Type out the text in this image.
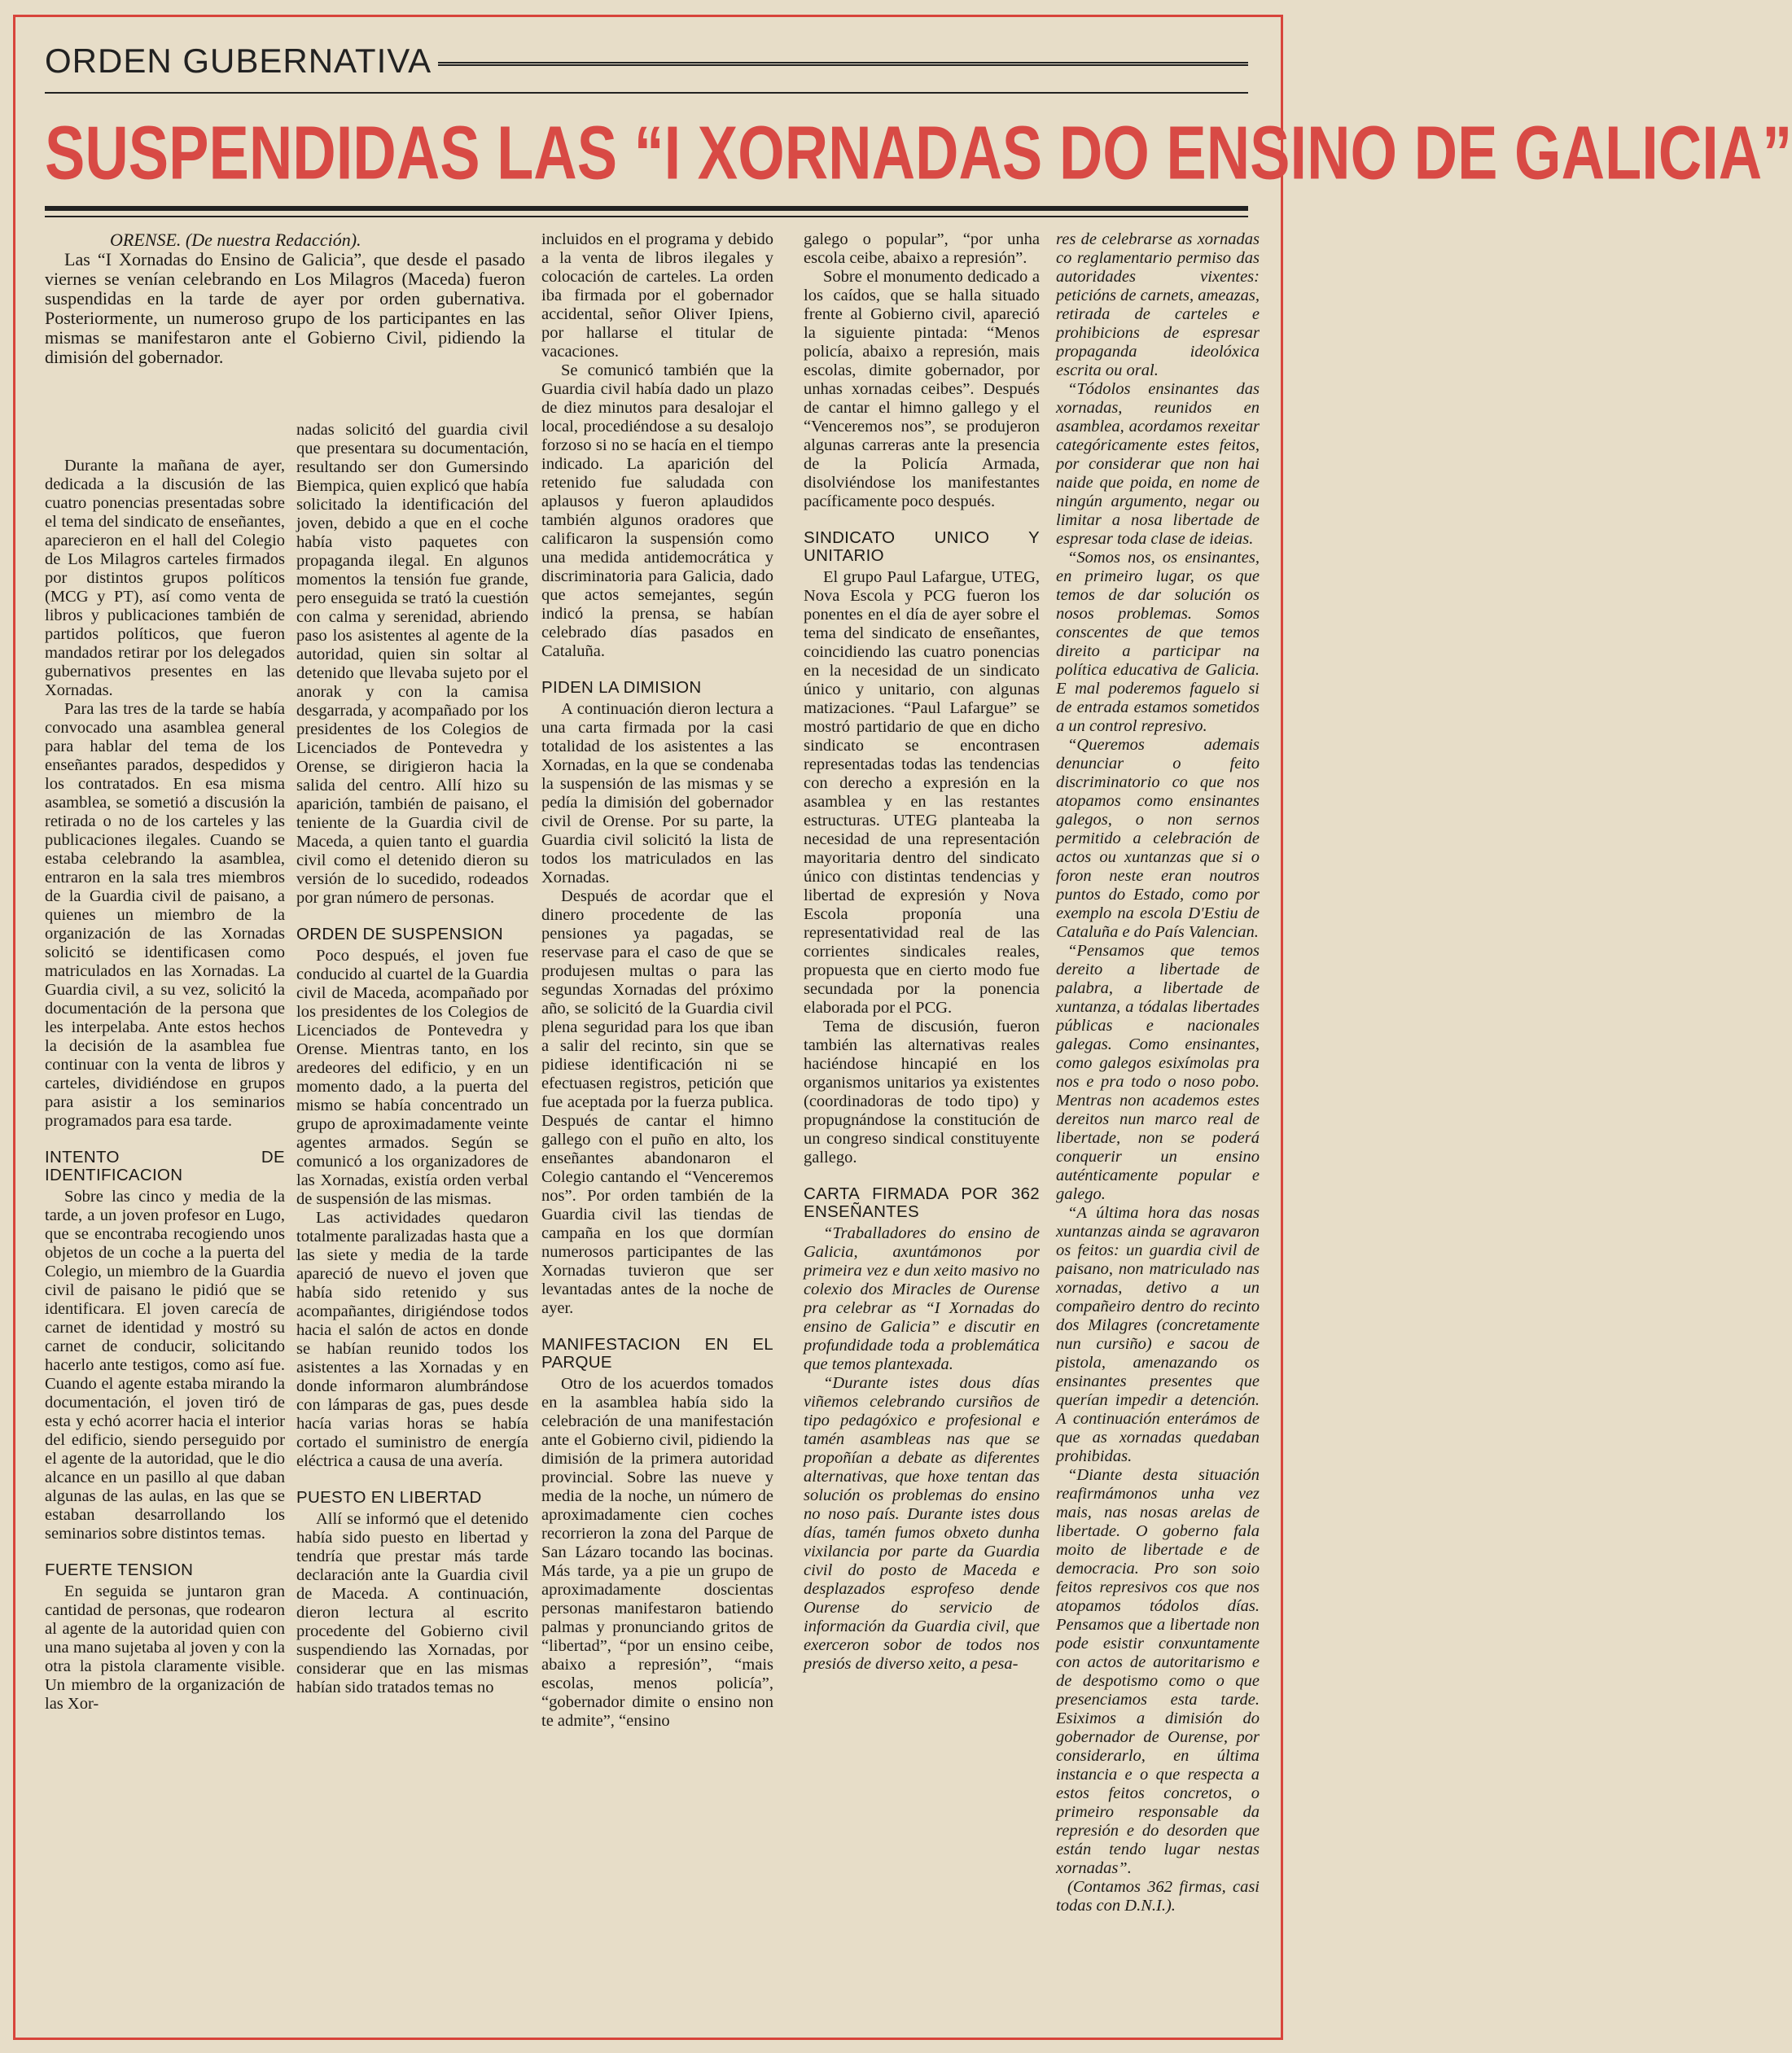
ORDEN GUBERNATIVA
SUSPENDIDAS LAS “I XORNADAS DO ENSINO DE GALICIA”
ORENSE. (De nuestra Redacción).

Las “I Xornadas do Ensino de Galicia”, que desde el pasado viernes se venían celebrando en Los Milagros (Maceda) fueron suspendidas en la tarde de ayer por orden gubernativa. Posteriormente, un numeroso grupo de los participantes en las mismas se manifestaron ante el Gobierno Civil, pidiendo la dimisión del gobernador.

Durante la mañana de ayer, dedicada a la discusión de las cuatro ponencias presentadas sobre el tema del sindicato de enseñantes, aparecieron en el hall del Colegio de Los Milagros carteles firmados por distintos grupos políticos (MCG y PT), así como venta de libros y publicaciones también de partidos políticos, que fueron mandados retirar por los delegados gubernativos presentes en las Xornadas.

Para las tres de la tarde se había convocado una asamblea general para hablar del tema de los enseñantes parados, despedidos y los contratados. En esa misma asamblea, se sometió a discusión la retirada o no de los carteles y las publicaciones ilegales. Cuando se estaba celebrando la asamblea, entraron en la sala tres miembros de la Guardia civil de paisano, a quienes un miembro de la organización de las Xornadas solicitó se identificasen como matriculados en las Xornadas. La Guardia civil, a su vez, solicitó la documentación de la persona que les interpelaba. Ante estos hechos la decisión de la asamblea fue continuar con la venta de libros y carteles, dividiéndose en grupos para asistir a los seminarios programados para esa tarde.

INTENTO DE IDENTIFICACION

Sobre las cinco y media de la tarde, a un joven profesor en Lugo, que se encontraba recogiendo unos objetos de un coche a la puerta del Colegio, un miembro de la Guardia civil de paisano le pidió que se identificara. El joven carecía de carnet de identidad y mostró su carnet de conducir, solicitando hacerlo ante testigos, como así fue. Cuando el agente estaba mirando la documentación, el joven tiró de esta y echó acorrer hacia el interior del edificio, siendo perseguido por el agente de la autoridad, que le dio alcance en un pasillo al que daban algunas de las aulas, en las que se estaban desarrollando los seminarios sobre distintos temas.

FUERTE TENSION

En seguida se juntaron gran cantidad de personas, que rodearon al agente de la autoridad quien con una mano sujetaba al joven y con la otra la pistola claramente visible. Un miembro de la organización de las Xor-

nadas solicitó del guardia civil que presentara su documentación, resultando ser don Gumersindo Biempica, quien explicó que había solicitado la identificación del joven, debido a que en el coche había visto paquetes con propaganda ilegal. En algunos momentos la tensión fue grande, pero enseguida se trató la cuestión con calma y serenidad, abriendo paso los asistentes al agente de la autoridad, quien sin soltar al detenido que llevaba sujeto por el anorak y con la camisa desgarrada, y acompañado por los presidentes de los Colegios de Licenciados de Pontevedra y Orense, se dirigieron hacia la salida del centro. Allí hizo su aparición, también de paisano, el teniente de la Guardia civil de Maceda, a quien tanto el guardia civil como el detenido dieron su versión de lo sucedido, rodeados por gran número de personas.

ORDEN DE SUSPENSION

Poco después, el joven fue conducido al cuartel de la Guardia civil de Maceda, acompañado por los presidentes de los Colegios de Licenciados de Pontevedra y Orense. Mientras tanto, en los aredeores del edificio, y en un momento dado, a la puerta del mismo se había concentrado un grupo de aproximadamente veinte agentes armados. Según se comunicó a los organizadores de las Xornadas, existía orden verbal de suspensión de las mismas.

Las actividades quedaron totalmente paralizadas hasta que a las siete y media de la tarde apareció de nuevo el joven que había sido retenido y sus acompañantes, dirigiéndose todos hacia el salón de actos en donde se habían reunido todos los asistentes a las Xornadas y en donde informaron alumbrándose con lámparas de gas, pues desde hacía varias horas se había cortado el suministro de energía eléctrica a causa de una avería.

PUESTO EN LIBERTAD

Allí se informó que el detenido había sido puesto en libertad y tendría que prestar más tarde declaración ante la Guardia civil de Maceda. A continuación, dieron lectura al escrito procedente del Gobierno civil suspendiendo las Xornadas, por considerar que en las mismas habían sido tratados temas no

incluidos en el programa y debido a la venta de libros ilegales y colocación de carteles. La orden iba firmada por el gobernador accidental, señor Oliver Ipiens, por hallarse el titular de vacaciones.

Se comunicó también que la Guardia civil había dado un plazo de diez minutos para desalojar el local, procediéndose a su desalojo forzoso si no se hacía en el tiempo indicado. La aparición del retenido fue saludada con aplausos y fueron aplaudidos también algunos oradores que calificaron la suspensión como una medida antidemocrática y discriminatoria para Galicia, dado que actos semejantes, según indicó la prensa, se habían celebrado días pasados en Cataluña.

PIDEN LA DIMISION

A continuación dieron lectura a una carta firmada por la casi totalidad de los asistentes a las Xornadas, en la que se condenaba la suspensión de las mismas y se pedía la dimisión del gobernador civil de Orense. Por su parte, la Guardia civil solicitó la lista de todos los matriculados en las Xornadas.

Después de acordar que el dinero procedente de las pensiones ya pagadas, se reservase para el caso de que se produjesen multas o para las segundas Xornadas del próximo año, se solicitó de la Guardia civil plena seguridad para los que iban a salir del recinto, sin que se pidiese identificación ni se efectuasen registros, petición que fue aceptada por la fuerza publica. Después de cantar el himno gallego con el puño en alto, los enseñantes abandonaron el Colegio cantando el “Venceremos nos”. Por orden también de la Guardia civil las tiendas de campaña en los que dormían numerosos participantes de las Xornadas tuvieron que ser levantadas antes de la noche de ayer.

MANIFESTACION EN EL PARQUE

Otro de los acuerdos tomados en la asamblea había sido la celebración de una manifestación ante el Gobierno civil, pidiendo la dimisión de la primera autoridad provincial. Sobre las nueve y media de la noche, un número de aproximadamente cien coches recorrieron la zona del Parque de San Lázaro tocando las bocinas. Más tarde, ya a pie un grupo de aproximadamente doscientas personas manifestaron batiendo palmas y pronunciando gritos de “libertad”, “por un ensino ceibe, abaixo a represión”, “mais escolas, menos policía”, “gobernador dimite o ensino non te admite”, “ensino

galego o popular”, “por unha escola ceibe, abaixo a represión”.

Sobre el monumento dedicado a los caídos, que se halla situado frente al Gobierno civil, apareció la siguiente pintada: “Menos policía, abaixo a represión, mais escolas, dimite gobernador, por unhas xornadas ceibes”. Después de cantar el himno gallego y el “Venceremos nos”, se produjeron algunas carreras ante la presencia de la Policía Armada, disolviéndose los manifestantes pacíficamente poco después.

SINDICATO UNICO Y UNITARIO

El grupo Paul Lafargue, UTEG, Nova Escola y PCG fueron los ponentes en el día de ayer sobre el tema del sindicato de enseñantes, coincidiendo las cuatro ponencias en la necesidad de un sindicato único y unitario, con algunas matizaciones. “Paul Lafargue” se mostró partidario de que en dicho sindicato se encontrasen representadas todas las tendencias con derecho a expresión en la asamblea y en las restantes estructuras. UTEG planteaba la necesidad de una representación mayoritaria dentro del sindicato único con distintas tendencias y libertad de expresión y Nova Escola proponía una representatividad real de las corrientes sindicales reales, propuesta que en cierto modo fue secundada por la ponencia elaborada por el PCG.

Tema de discusión, fueron también las alternativas reales haciéndose hincapié en los organismos unitarios ya existentes (coordinadoras de todo tipo) y propugnándose la constitución de un congreso sindical constituyente gallego.

CARTA FIRMADA POR 362 ENSEÑANTES

“Traballadores do ensino de Galicia, axuntámonos por primeira vez e dun xeito masivo no colexio dos Miracles de Ourense pra celebrar as “I Xornadas do ensino de Galicia” e discutir en profundidade toda a problemática que temos plantexada.

“Durante istes dous días viñemos celebrando cursiños de tipo pedagóxico e profesional e tamén asambleas nas que se propoñían a debate as diferentes alternativas, que hoxe tentan das solución os problemas do ensino no noso país. Durante istes dous días, tamén fumos obxeto dunha vixilancia por parte da Guardia civil do posto de Maceda e desplazados esprofeso dende Ourense do servicio de información da Guardia civil, que exerceron sobor de todos nos presiós de diverso xeito, a pesa-

res de celebrarse as xornadas co reglamentario permiso das autoridades vixentes: peticións de carnets, ameazas, retirada de carteles e prohibicions de espresar propaganda ideolóxica escrita ou oral.

“Tódolos ensinantes das xornadas, reunidos en asamblea, acordamos rexeitar categóricamente estes feitos, por considerar que non hai naide que poida, en nome de ningún argumento, negar ou limitar a nosa libertade de espresar toda clase de ideias.

“Somos nos, os ensinantes, en primeiro lugar, os que temos de dar solución os nosos problemas. Somos conscentes de que temos direito a participar na política educativa de Galicia. E mal poderemos faguelo si de entrada estamos sometidos a un control represivo.

“Queremos ademais denunciar o feito discriminatorio co que nos atopamos como ensinantes galegos, o non sernos permitido a celebración de actos ou xuntanzas que si o foron neste eran noutros puntos do Estado, como por exemplo na escola D'Estiu de Cataluña e do País Valencian.

“Pensamos que temos dereito a libertade de palabra, a libertade de xuntanza, a tódalas libertades públicas e nacionales galegas. Como ensinantes, como galegos esixímolas pra nos e pra todo o noso pobo. Mentras non academos estes dereitos nun marco real de libertade, non se poderá conquerir un ensino auténticamente popular e galego.

“A última hora das nosas xuntanzas ainda se agravaron os feitos: un guardia civil de paisano, non matriculado nas xornadas, detivo a un compañeiro dentro do recinto dos Milagres (concretamente nun cursiño) e sacou de pistola, amenazando os ensinantes presentes que querían impedir a detención. A continuación enterámos de que as xornadas quedaban prohibidas.

“Diante desta situación reafirmámonos unha vez mais, nas nosas arelas de libertade. O goberno fala moito de libertade e de democracia. Pro son soio feitos represivos cos que nos atopamos tódolos días. Pensamos que a libertade non pode esistir conxuntamente con actos de autoritarismo e de despotismo como o que presenciamos esta tarde. Esiximos a dimisión do gobernador de Ourense, por considerarlo, en última instancia e o que respecta a estos feitos concretos, o primeiro responsable da represión e do desorden que están tendo lugar nestas xornadas”.

(Contamos 362 firmas, casi todas con D.N.I.).
